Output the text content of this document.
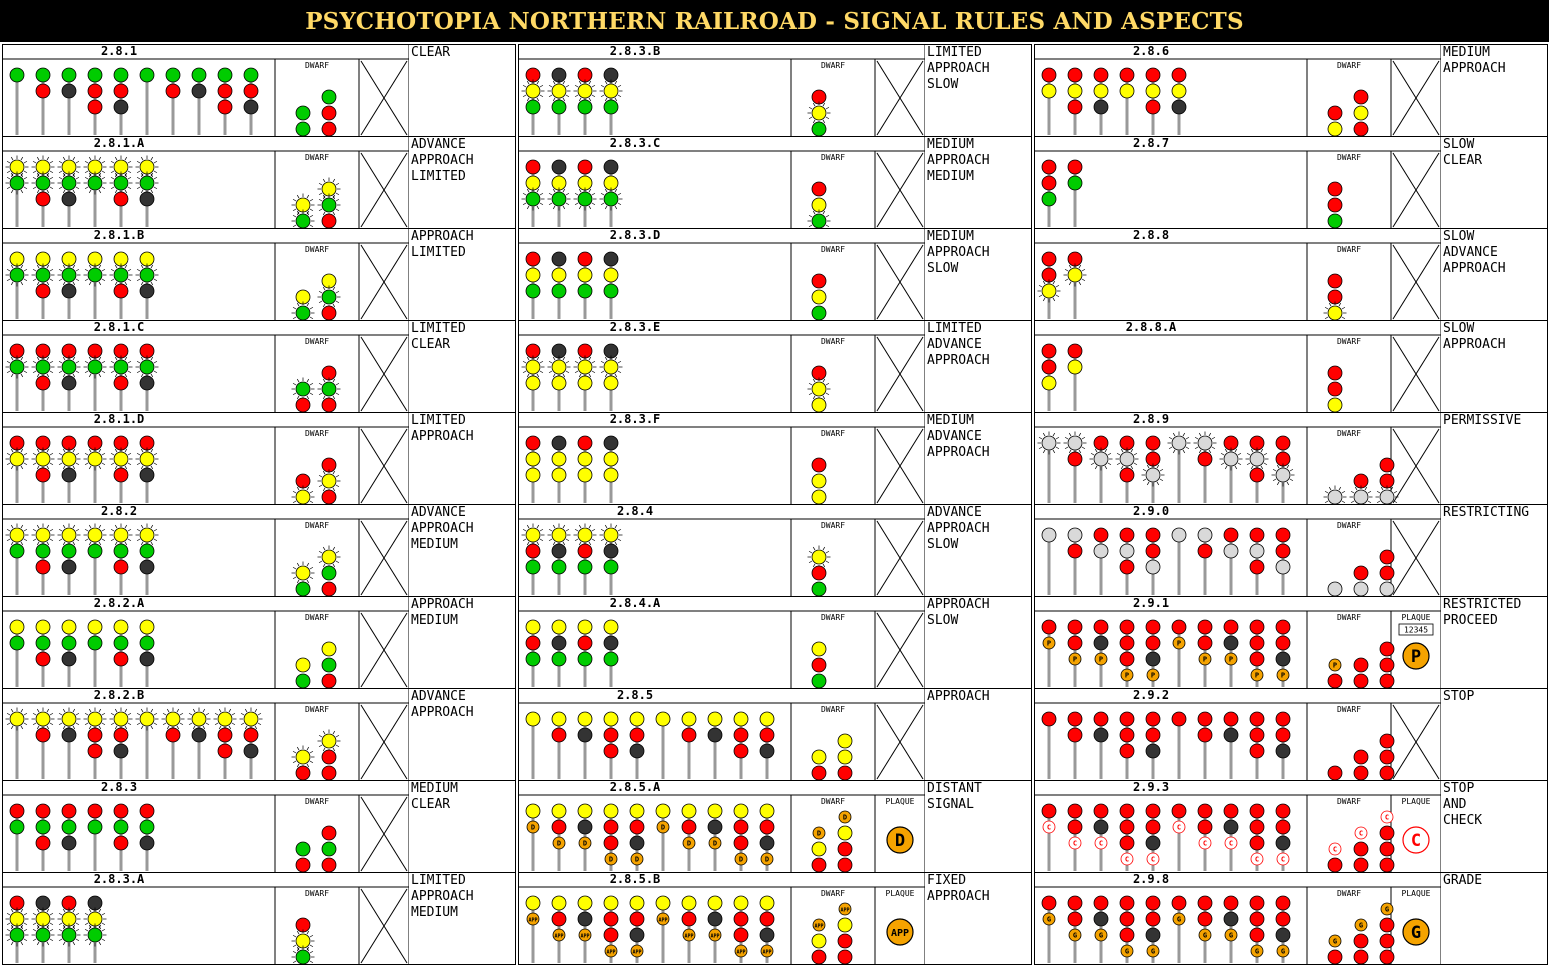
PSYCHOTOPIA NORTHERN RAILROAD - SIGNAL RULES AND ASPECTS
2.8.1	CLEAR
DWARF
2.8.1.A	ADVANCE
APPROACH
LIMITED
DWARF
2.8.1.B	APPROACH
LIMITED
DWARF
2.8.1.C	LIMITED
CLEAR
DWARF
2.8.1.D	LIMITED
APPROACH
DWARF
2.8.2	ADVANCE
APPROACH
MEDIUM
DWARF
2.8.2.A	APPROACH
MEDIUM
DWARF
2.8.2.B	ADVANCE
APPROACH
DWARF
2.8.3	MEDIUM
CLEAR
DWARF
2.8.3.A	LIMITED
APPROACH
MEDIUM
DWARF
2.8.3.B	LIMITED
APPROACH
SLOW
DWARF
2.8.3.C	MEDIUM
APPROACH
MEDIUM
DWARF
2.8.3.D	MEDIUM
APPROACH
SLOW
DWARF
2.8.3.E	LIMITED
ADVANCE
APPROACH
DWARF
2.8.3.F	MEDIUM
ADVANCE
APPROACH
DWARF
2.8.4	ADVANCE
APPROACH
SLOW
DWARF
2.8.4.A	APPROACH
SLOW
DWARF
2.8.5	APPROACH
DWARF
2.8.5.A	DISTANT
SIGNAL
D
D	D
D	D
D
D	D
D	D
DWARF
D
D
PLAQUE
D
2.8.5.B	FIXED
APPROACH
APP
APP	APP
APP	APP
APP
APP	APP
APP	APP
DWARF
APP
APP
PLAQUE
APP
2.8.6	MEDIUM
APPROACH
DWARF
2.8.7	SLOW
CLEAR
DWARF
2.8.8	SLOW
ADVANCE
APPROACH
DWARF
2.8.8.A	SLOW
APPROACH
DWARF
2.8.9	PERMISSIVE
DWARF
2.9.0	RESTRICTING
DWARF
2.9.1	RESTRICTED
PROCEED
P
P	P
P	P
P
P	P
P	P
DWARF
P
PLAQUE
P
12345
2.9.2	STOP
DWARF
2.9.3	STOP
AND
CHECK
C
C	C
C	C
C
C	C
C	C
DWARF
C
C
C
PLAQUE
C
2.9.8	GRADE
G
G	G
G	G
G
G	G
G	G
DWARF
G
G
G
PLAQUE
G
